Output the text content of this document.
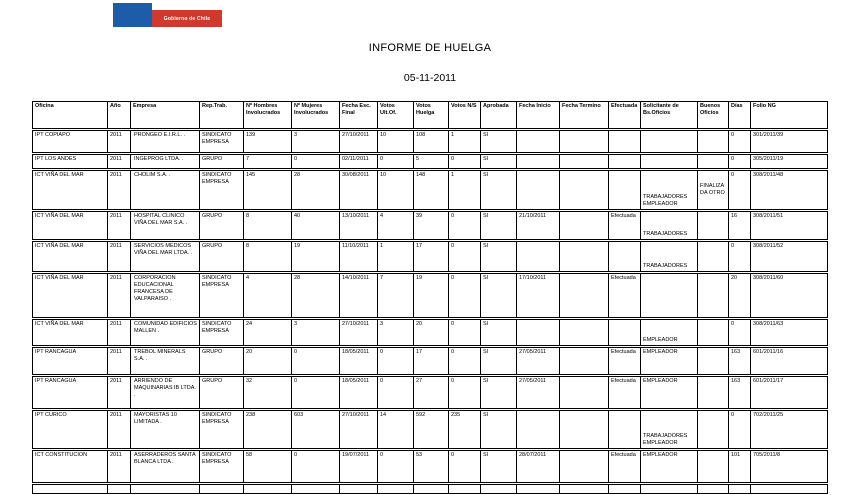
Gobierno de Chile
INFORME DE HUELGA
05-11-2011
Oficina	Año	Empresa	Rep.Trab.	Nº Hombres Involucrados	Nº Mujeres Involucrados	Fecha Esc. Final	Votos Ult.Of.	Votos Huelga	Votos N/S	Aprobada	Fecha Inicio	Fecha Termino	Efectuada	Solicitante de Bs.Oficios	Buenos Oficios	Días	Folio NG
IPT COPIAPO	2011	PRONGEO E.I.R.L. .	SINDICATO EMPRESA	139	3	27/10/2011	10	108	1	SI						0	301/2011/39
IPT LOS ANDES	2011	INGEPROG LTDA. .	GRUPO	7	0	02/11/2011	0	5	0	SI						0	305/2011/19
ICT VIÑA DEL MAR	2011	CHOLIM S.A. .	SINDICATO EMPRESA	145	28	30/08/2011	10	148	1	SI				TRABAJADORES EMPLEADOR	FINALIZADA OTRO	0	308/2011/48
ICT VIÑA DEL MAR	2011	HOSPITAL CLINICO VIÑA DEL MAR S.A. .	GRUPO	8	40	13/10/2011	4	39	0	SI	21/10/2011		Efectuada	TRABAJADORES		16	308/2011/51
ICT VIÑA DEL MAR	2011	SERVICIOS MEDICOS VIÑA DEL MAR LTDA. .	GRUPO	8	19	11/10/2011	1	17	0	SI				TRABAJADORES		0	308/2011/52
ICT VIÑA DEL MAR	2011	CORPORACION EDUCACIONAL FRANCESA DE VALPARAISO .	SINDICATO EMPRESA	4	28	14/10/2011	7	19	0	SI	17/10/2011		Efectuada			20	308/2011/60
ICT VIÑA DEL MAR	2011	COMUNIDAD EDIFICIOS MALLEN .	SINDICATO EMPRESA	24	3	27/10/2011	3	20	0	SI				EMPLEADOR		0	308/2011/63
IPT RANCAGUA	2011	TREBOL MINERALS S.A. .	GRUPO	20	0	18/05/2011	0	17	0	SI	27/05/2011		Efectuada	EMPLEADOR		163	601/2011/16
IPT RANCAGUA	2011	ARRIENDO DE MAQUINARIAS IB LTDA. .	GRUPO	32	0	18/05/2011	0	27	0	SI	27/05/2011		Efectuada	EMPLEADOR		163	601/2011/17
IPT CURICO	2011	MAYORISTAS 10 LIMITADA .	SINDICATO EMPRESA	238	603	27/10/2011	14	592	235	SI				TRABAJADORES EMPLEADOR		0	702/2011/25
ICT CONSTITUCION	2011	ASERRADEROS SANTA BLANCA LTDA .	SINDICATO EMPRESA	58	0	19/07/2011	0	53	0	SI	28/07/2011		Efectuada	EMPLEADOR		101	705/2011/8
